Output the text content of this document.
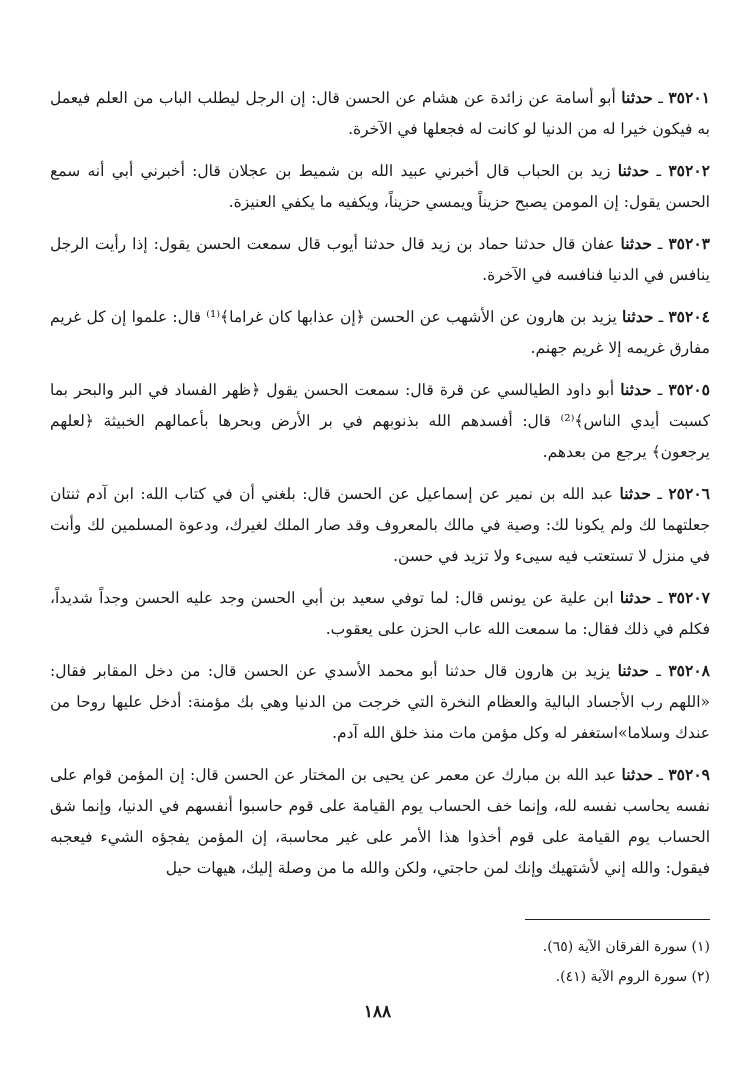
٣٥٢٠١ ـ حدثنا أبو أسامة عن زائدة عن هشام عن الحسن قال: إن الرجل ليطلب الباب من العلم فيعمل به فيكون خيرا له من الدنيا لو كانت له فجعلها في الآخرة.

٣٥٢٠٢ ـ حدثنا زيد بن الحباب قال أخبرني عبيد الله بن شميط بن عجلان قال: أخبرني أبي أنه سمع الحسن يقول: إن المومن يصبح حزيناً ويمسي حزيناً، ويكفيه ما يكفي العنيزة.

٣٥٢٠٣ ـ حدثنا عفان قال حدثنا حماد بن زيد قال حدثنا أيوب قال سمعت الحسن يقول: إذا رأيت الرجل ينافس في الدنيا فنافسه في الآخرة.

٣٥٢٠٤ ـ حدثنا يزيد بن هارون عن الأشهب عن الحسن ﴿إن عذابها كان غراما﴾⁽¹⁾ قال: علموا إن كل غريم مفارق غريمه إلا غريم جهنم.

٣٥٢٠٥ ـ حدثنا أبو داود الطيالسي عن قرة قال: سمعت الحسن يقول ﴿ظهر الفساد في البر والبحر بما كسبت أيدي الناس﴾⁽²⁾ قال: أفسدهم الله بذنوبهم في بر الأرض وبحرها بأعمالهم الخبيثة ﴿لعلهم يرجعون﴾ يرجع من بعدهم.

٢٥٢٠٦ ـ حدثنا عبد الله بن نمير عن إسماعيل عن الحسن قال: بلغني أن في كتاب الله: ابن آدم ثنتان جعلتهما لك ولم يكونا لك: وصية في مالك بالمعروف وقد صار الملك لغيرك، ودعوة المسلمين لك وأنت في منزل لا تستعتب فيه سيىء ولا تزيد في حسن.

٣٥٢٠٧ ـ حدثنا ابن علية عن يونس قال: لما توفي سعيد بن أبي الحسن وجد عليه الحسن وجداً شديداً، فكلم في ذلك فقال: ما سمعت الله عاب الحزن على يعقوب.

٣٥٢٠٨ ـ حدثنا يزيد بن هارون قال حدثنا أبو محمد الأسدي عن الحسن قال: من دخل المقابر فقال: «اللهم رب الأجساد البالية والعظام النخرة التي خرجت من الدنيا وهي بك مؤمنة: أدخل عليها روحا من عندك وسلاما»استغفر له وكل مؤمن مات منذ خلق الله آدم.

٣٥٢٠٩ ـ حدثنا عبد الله بن مبارك عن معمر عن يحيى بن المختار عن الحسن قال: إن المؤمن قوام على نفسه يحاسب نفسه لله، وإنما خف الحساب يوم القيامة على قوم حاسبوا أنفسهم في الدنيا، وإنما شق الحساب يوم القيامة على قوم أخذوا هذا الأمر على غير محاسبة، إن المؤمن يفجؤه الشيء فيعجبه فيقول: والله إني لأشتهيك وإنك لمن حاجتي، ولكن والله ما من وصلة إليك، هيهات حيل

(١) سورة الفرقان الآية (٦٥).

(٢) سورة الروم الآية (٤١).

١٨٨
